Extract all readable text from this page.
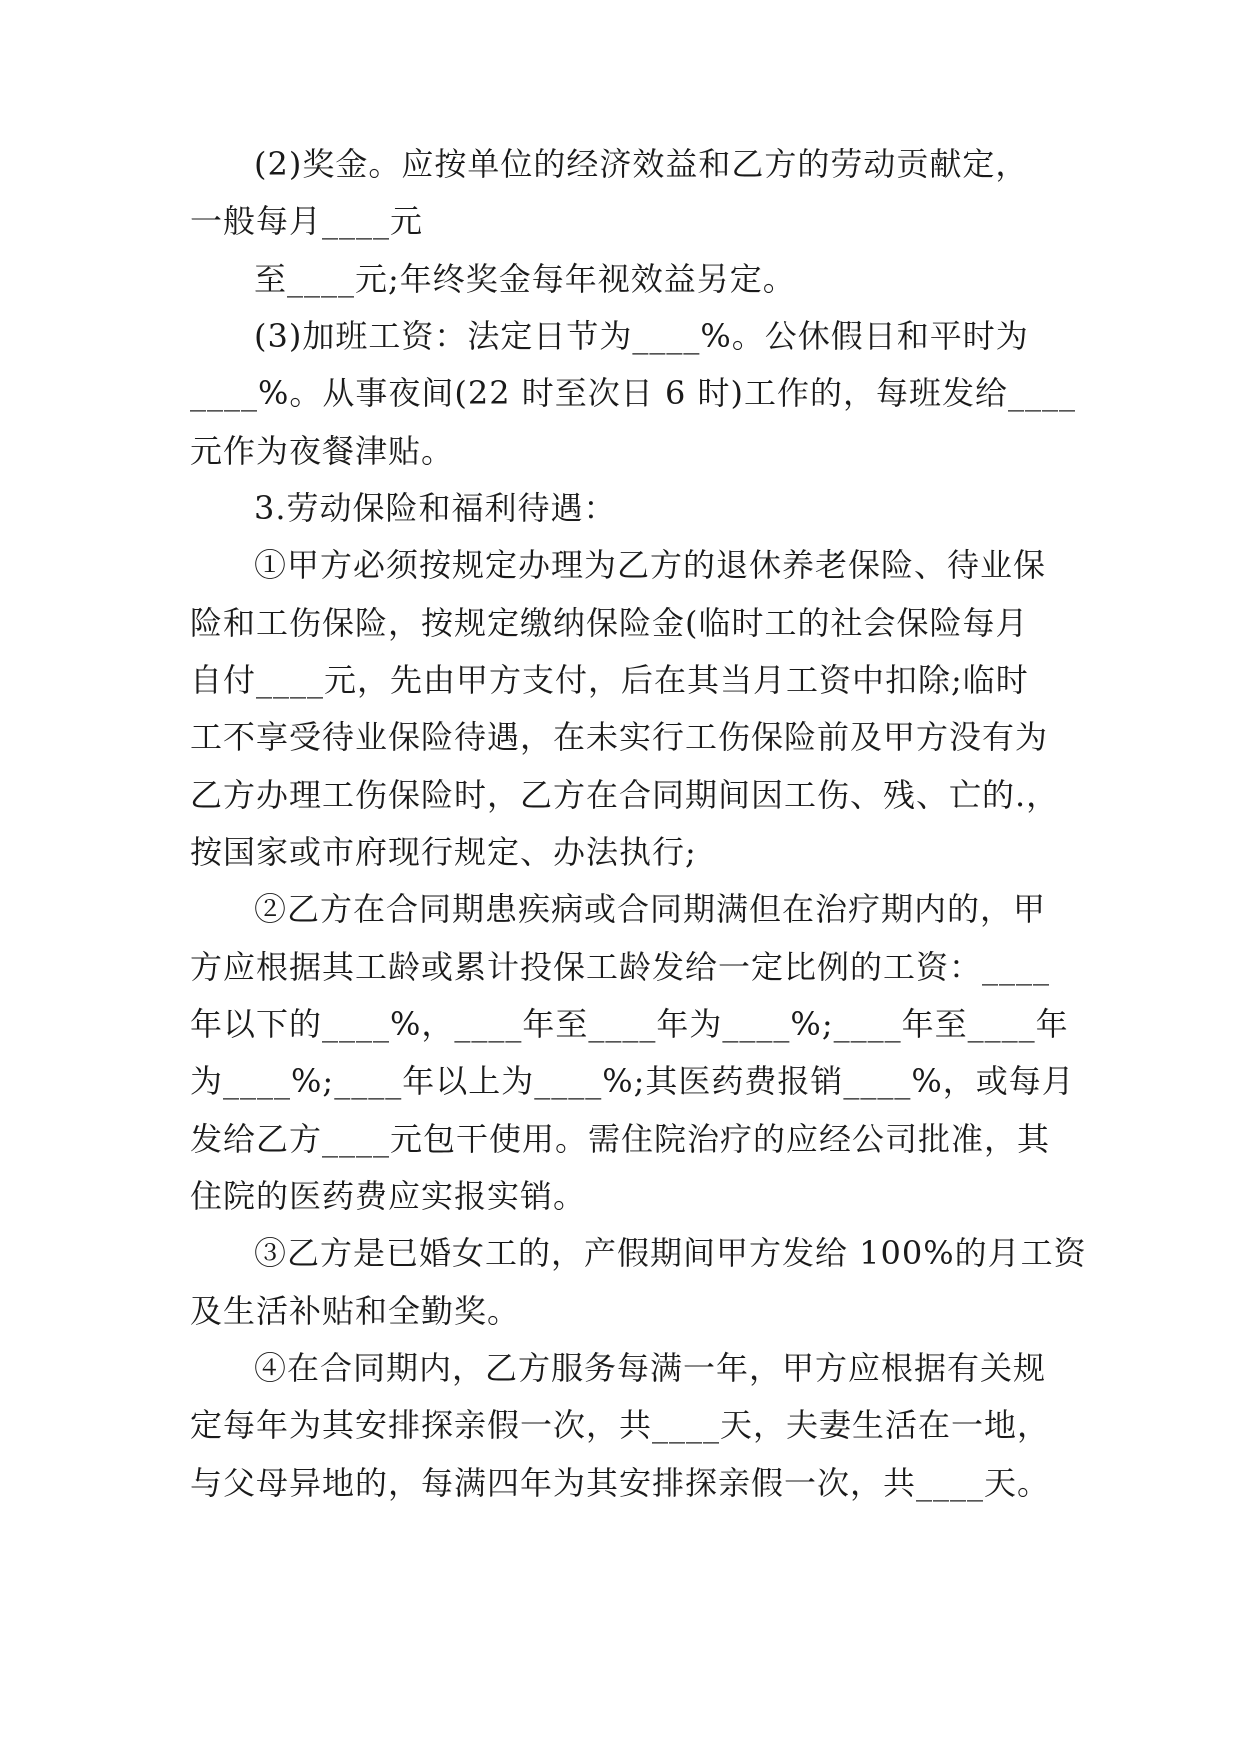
(2)奖金。应按单位的经济效益和乙方的劳动贡献定，
一般每月____元
至____元;年终奖金每年视效益另定。
(3)加班工资：法定日节为____%。公休假日和平时为
____%。从事夜间(22 时至次日 6 时)工作的，每班发给____
元作为夜餐津贴。
3.劳动保险和福利待遇：
①甲方必须按规定办理为乙方的退休养老保险、待业保
险和工伤保险，按规定缴纳保险金(临时工的社会保险每月
自付____元，先由甲方支付，后在其当月工资中扣除;临时
工不享受待业保险待遇，在未实行工伤保险前及甲方没有为
乙方办理工伤保险时，乙方在合同期间因工伤、残、亡的.，
按国家或市府现行规定、办法执行;
②乙方在合同期患疾病或合同期满但在治疗期内的，甲
方应根据其工龄或累计投保工龄发给一定比例的工资：____
年以下的____%，____年至____年为____%;____年至____年
为____%;____年以上为____%;其医药费报销____%，或每月
发给乙方____元包干使用。需住院治疗的应经公司批准，其
住院的医药费应实报实销。
③乙方是已婚女工的，产假期间甲方发给 100%的月工资
及生活补贴和全勤奖。
④在合同期内，乙方服务每满一年，甲方应根据有关规
定每年为其安排探亲假一次，共____天，夫妻生活在一地，
与父母异地的，每满四年为其安排探亲假一次，共____天。
